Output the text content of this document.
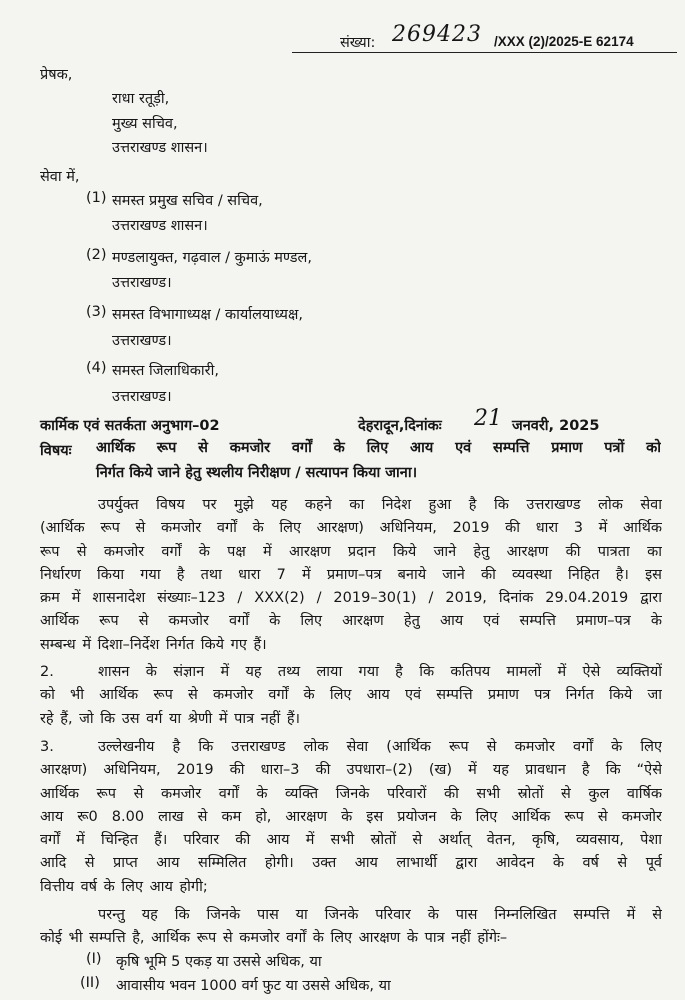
संख्या: 269423 /XXX (2)/2025-E 62174
प्रेषक,
राधा रतूड़ी,
मुख्य सचिव,
उत्तराखण्ड शासन।
सेवा में,
(1) समस्त प्रमुख सचिव / सचिव,
उत्तराखण्ड शासन।
(2) मण्डलायुक्त, गढ़वाल / कुमाऊं मण्डल,
उत्तराखण्ड।
(3) समस्त विभागाध्यक्ष / कार्यालयाध्यक्ष,
उत्तराखण्ड।
(4) समस्त जिलाधिकारी,
उत्तराखण्ड।
कार्मिक एवं सतर्कता अनुभाग–02	देहरादून,दिनांकः 21 जनवरी, 2025
विषयः आर्थिक रूप से कमजोर वर्गों के लिए आय एवं सम्पत्ति प्रमाण पत्रों को
निर्गत किये जाने हेतु स्थलीय निरीक्षण / सत्यापन किया जाना।
उपर्युक्त विषय पर मुझे यह कहने का निदेश हुआ है कि उत्तराखण्ड लोक सेवा
(आर्थिक रूप से कमजोर वर्गों के लिए आरक्षण) अधिनियम, 2019 की धारा 3 में आर्थिक
रूप से कमजोर वर्गों के पक्ष में आरक्षण प्रदान किये जाने हेतु आरक्षण की पात्रता का
निर्धारण किया गया है तथा धारा 7 में प्रमाण–पत्र बनाये जाने की व्यवस्था निहित है। इस
क्रम में शासनादेश संख्याः–123 / XXX(2) / 2019–30(1) / 2019, दिनांक 29.04.2019 द्वारा
आर्थिक रूप से कमजोर वर्गों के लिए आरक्षण हेतु आय एवं सम्पत्ति प्रमाण–पत्र के
सम्बन्ध में दिशा–निर्देश निर्गत किये गए हैं।
2.	शासन के संज्ञान में यह तथ्य लाया गया है कि कतिपय मामलों में ऐसे व्यक्तियों
को भी आर्थिक रूप से कमजोर वर्गों के लिए आय एवं सम्पत्ति प्रमाण पत्र निर्गत किये जा
रहे हैं, जो कि उस वर्ग या श्रेणी में पात्र नहीं हैं।
3.	उल्लेखनीय है कि उत्तराखण्ड लोक सेवा (आर्थिक रूप से कमजोर वर्गों के लिए
आरक्षण) अधिनियम, 2019 की धारा–3 की उपधारा–(2) (ख) में यह प्रावधान है कि “ऐसे
आर्थिक रूप से कमजोर वर्गों के व्यक्ति जिनके परिवारों की सभी स्रोतों से कुल वार्षिक
आय रू0 8.00 लाख से कम हो, आरक्षण के इस प्रयोजन के लिए आर्थिक रूप से कमजोर
वर्गों में चिन्हित हैं। परिवार की आय में सभी स्रोतों से अर्थात् वेतन, कृषि, व्यवसाय, पेशा
आदि से प्राप्त आय सम्मिलित होगी। उक्त आय लाभार्थी द्वारा आवेदन के वर्ष से पूर्व
वित्तीय वर्ष के लिए आय होगी;
परन्तु यह कि जिनके पास या जिनके परिवार के पास निम्नलिखित सम्पत्ति में से
कोई भी सम्पत्ति है, आर्थिक रूप से कमजोर वर्गों के लिए आरक्षण के पात्र नहीं होंगेः–
(I) कृषि भूमि 5 एकड़ या उससे अधिक, या
(II) आवासीय भवन 1000 वर्ग फुट या उससे अधिक, या
